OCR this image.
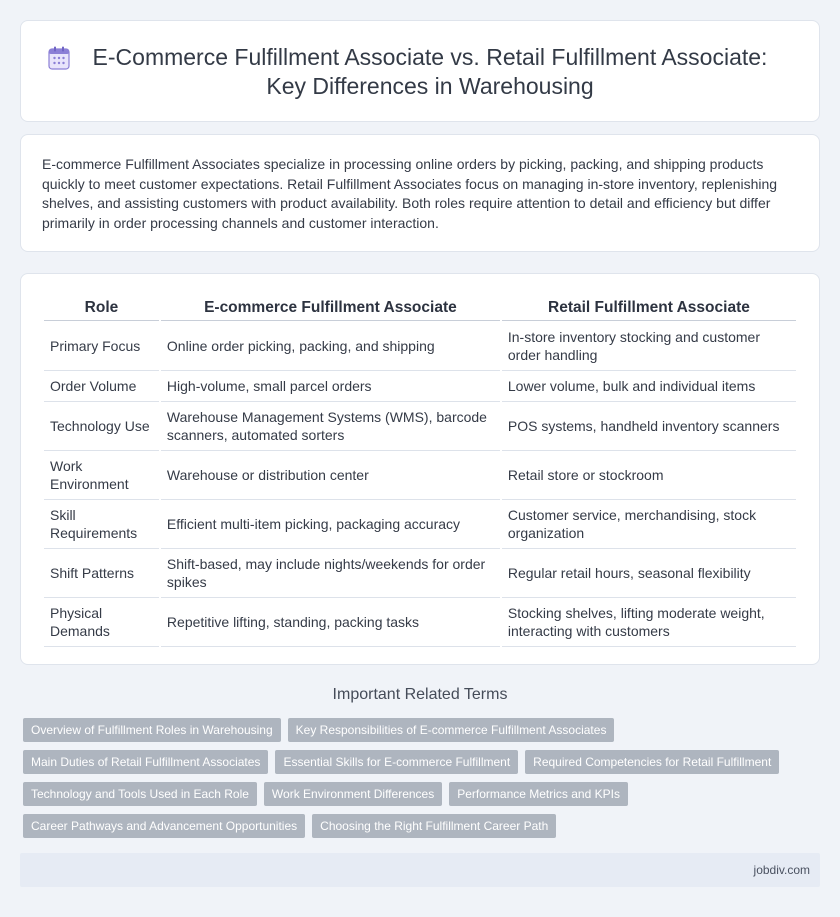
E-Commerce Fulfillment Associate vs. Retail Fulfillment Associate: Key Differences in Warehousing

E-commerce Fulfillment Associates specialize in processing online orders by picking, packing, and shipping products quickly to meet customer expectations. Retail Fulfillment Associates focus on managing in-store inventory, replenishing shelves, and assisting customers with product availability. Both roles require attention to detail and efficiency but differ primarily in order processing channels and customer interaction.

Role	E-commerce Fulfillment Associate	Retail Fulfillment Associate
Primary Focus	Online order picking, packing, and shipping	In-store inventory stocking and customer order handling
Order Volume	High-volume, small parcel orders	Lower volume, bulk and individual items
Technology Use	Warehouse Management Systems (WMS), barcode scanners, automated sorters	POS systems, handheld inventory scanners
Work Environment	Warehouse or distribution center	Retail store or stockroom
Skill Requirements	Efficient multi-item picking, packaging accuracy	Customer service, merchandising, stock organization
Shift Patterns	Shift-based, may include nights/weekends for order spikes	Regular retail hours, seasonal flexibility
Physical Demands	Repetitive lifting, standing, packing tasks	Stocking shelves, lifting moderate weight, interacting with customers
Important Related Terms
Overview of Fulfillment Roles in Warehousing	Key Responsibilities of E-commerce Fulfillment Associates
Main Duties of Retail Fulfillment Associates	Essential Skills for E-commerce Fulfillment	Required Competencies for Retail Fulfillment
Technology and Tools Used in Each Role	Work Environment Differences	Performance Metrics and KPIs
Career Pathways and Advancement Opportunities	Choosing the Right Fulfillment Career Path
jobdiv.com
